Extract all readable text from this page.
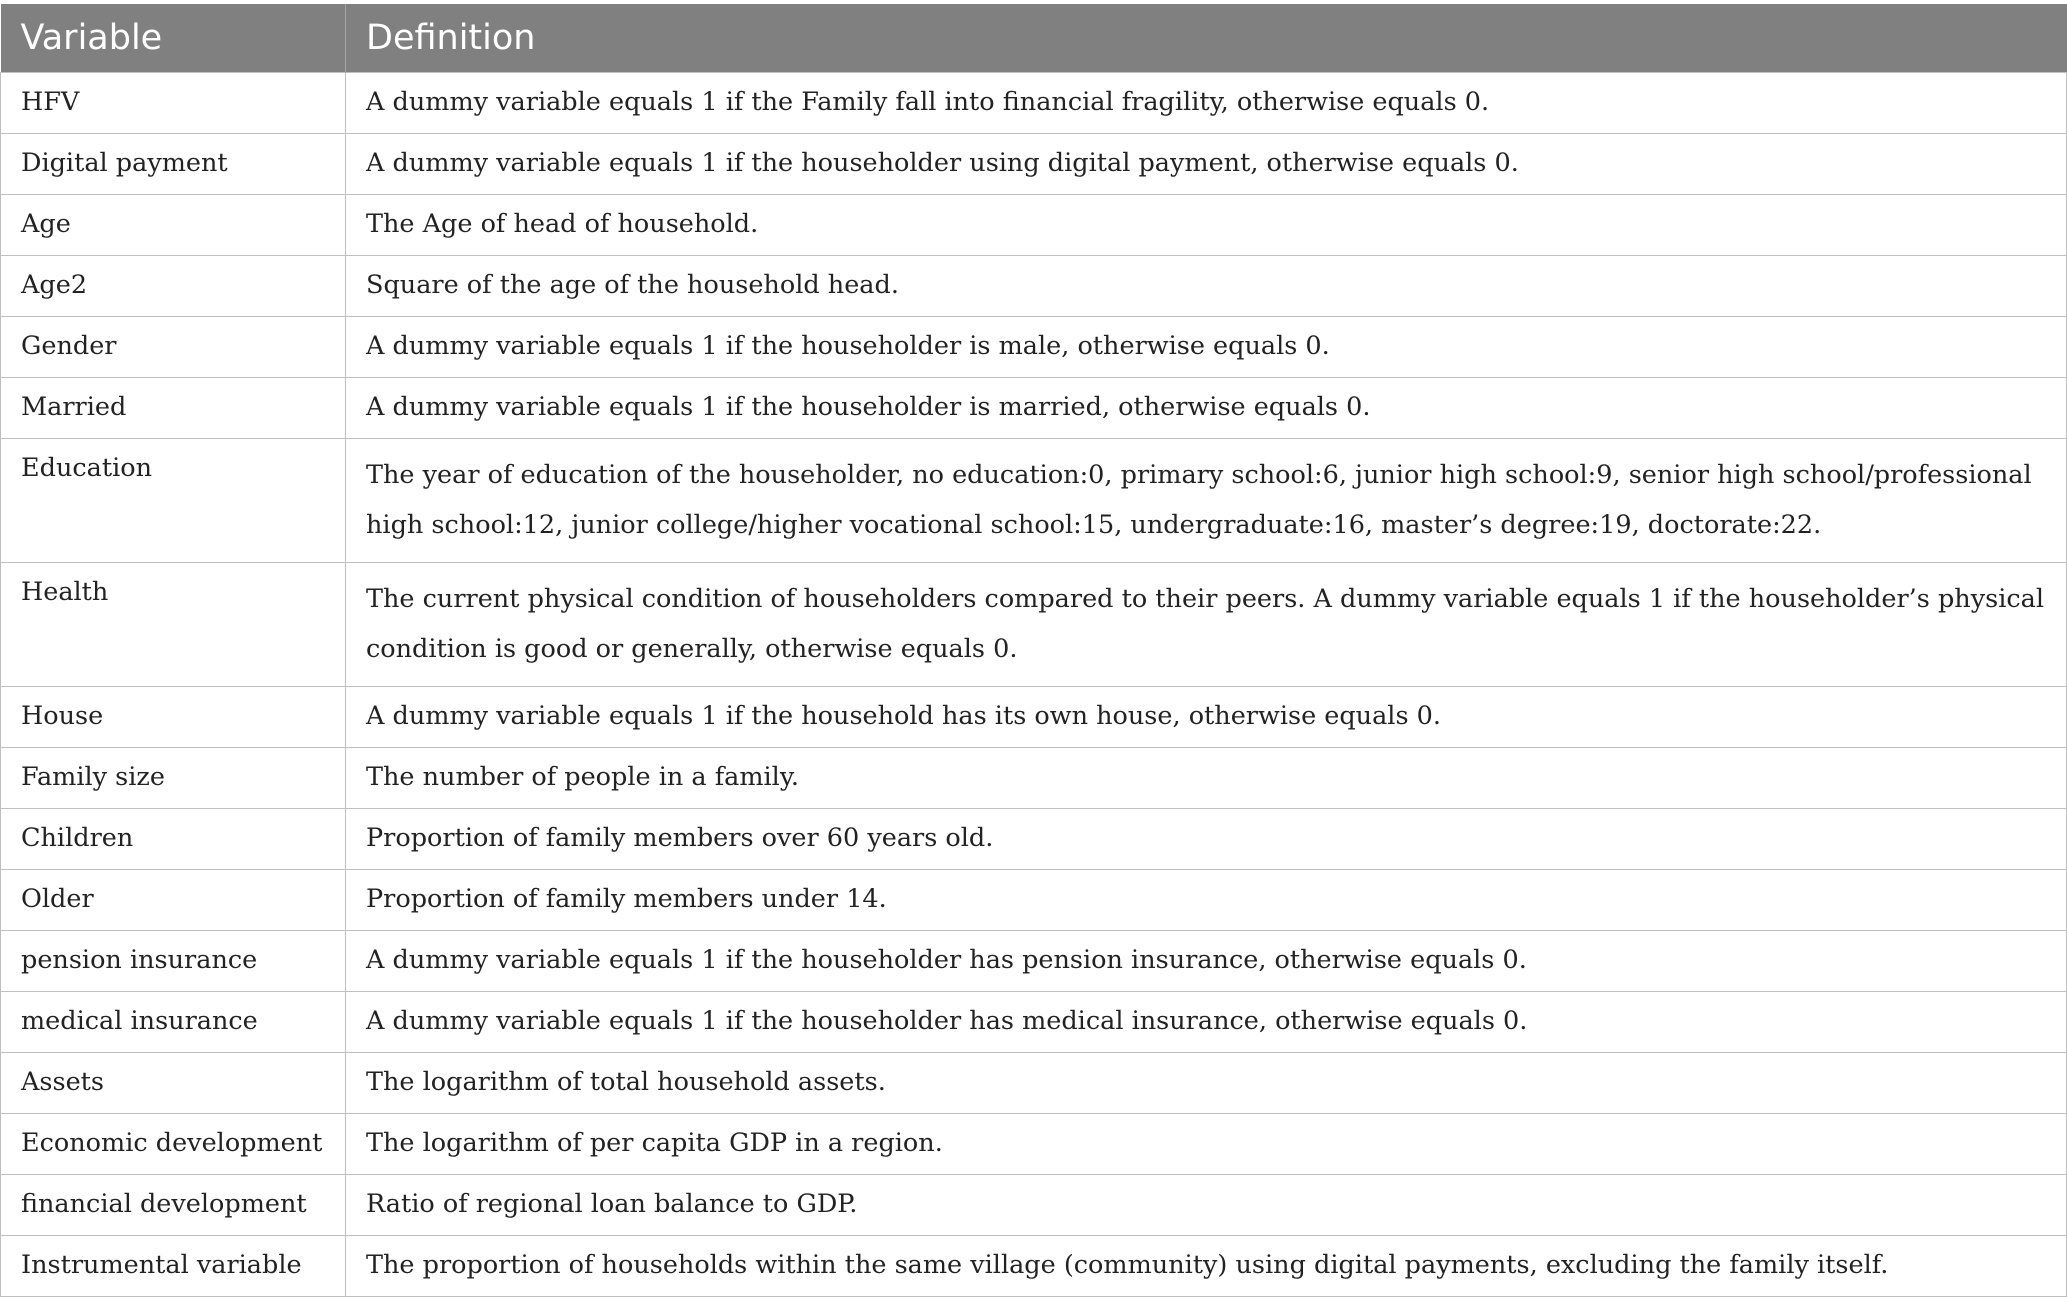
Variable	Definition
HFV	A dummy variable equals 1 if the Family fall into financial fragility, otherwise equals 0.
Digital payment	A dummy variable equals 1 if the householder using digital payment, otherwise equals 0.
Age	The Age of head of household.
Age2	Square of the age of the household head.
Gender	A dummy variable equals 1 if the householder is male, otherwise equals 0.
Married	A dummy variable equals 1 if the householder is married, otherwise equals 0.
Education	The year of education of the householder, no education:0, primary school:6, junior high school:9, senior high school/professional high school:12, junior college/higher vocational school:15, undergraduate:16, master’s degree:19, doctorate:22.
Health	The current physical condition of householders compared to their peers. A dummy variable equals 1 if the householder’s physical condition is good or generally, otherwise equals 0.
House	A dummy variable equals 1 if the household has its own house, otherwise equals 0.
Family size	The number of people in a family.
Children	Proportion of family members over 60 years old.
Older	Proportion of family members under 14.
pension insurance	A dummy variable equals 1 if the householder has pension insurance, otherwise equals 0.
medical insurance	A dummy variable equals 1 if the householder has medical insurance, otherwise equals 0.
Assets	The logarithm of total household assets.
Economic development	The logarithm of per capita GDP in a region.
financial development	Ratio of regional loan balance to GDP.
Instrumental variable	The proportion of households within the same village (community) using digital payments, excluding the family itself.
